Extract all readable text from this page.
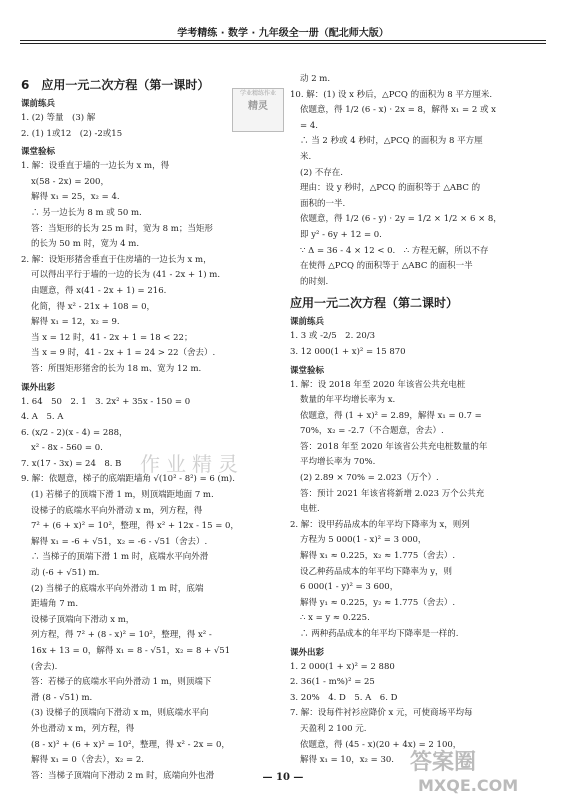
学考精练 · 数学 · 九年级全一册（配北师大版）
6　应用一元二次方程（第一课时）
课前练兵
1. (2) 等量　(3) 解
2. (1) 1或12　(2) -2或15
课堂验标
1. 解：设垂直于墙的一边长为 x m，得
x(58 - 2x) = 200，
解得 x₁ = 25，x₂ = 4.
∴ 另一边长为 8 m 或 50 m.
答：当矩形的长为 25 m 时，宽为 8 m；当矩形
的长为 50 m 时，宽为 4 m.
2. 解：设矩形猪舍垂直于住房墙的一边长为 x m，
可以得出平行于墙的一边的长为 (41 - 2x + 1) m.
由题意，得 x(41 - 2x + 1) = 216.
化简，得 x² - 21x + 108 = 0，
解得 x₁ = 12，x₂ = 9.
当 x = 12 时，41 - 2x + 1 = 18 < 22；
当 x = 9 时，41 - 2x + 1 = 24 > 22（舍去）.
答：所围矩形猪舍的长为 18 m、宽为 12 m.
课外出彩
1. 64　50　2. 1　3. 2x² + 35x - 150 = 0
4. A　5. A
6. (x/2 - 2)(x - 4) = 288，
x² - 8x - 560 = 0.
7. x(17 - 3x) = 24　8. B
9. 解：依题意，梯子的底端距墙角 √(10² - 8²) = 6 (m).
(1) 若梯子的顶端下滑 1 m，则顶端距地面 7 m.
设梯子的底端水平向外滑动 x m，列方程，得
7² + (6 + x)² = 10²，整理，得 x² + 12x - 15 = 0，
解得 x₁ = -6 + √51，x₂ = -6 - √51（舍去）.
∴ 当梯子的顶端下滑 1 m 时，底端水平向外滑
动 (-6 + √51) m.
(2) 当梯子的底端水平向外滑动 1 m 时，底端
距墙角 7 m.
设梯子顶端向下滑动 x m，
列方程，得 7² + (8 - x)² = 10²，整理，得 x² -
16x + 13 = 0，解得 x₁ = 8 - √51，x₂ = 8 + √51
(舍去).
答：若梯子的底端水平向外滑动 1 m，则顶端下
滑 (8 - √51) m.
(3) 设梯子的顶端向下滑动 x m，则底端水平向
外也滑动 x m，列方程，得
(8 - x)² + (6 + x)² = 10²，整理，得 x² - 2x = 0，
解得 x₁ = 0（舍去），x₂ = 2.
答：当梯子顶端向下滑动 2 m 时，底端向外也滑
动 2 m.
10. 解：(1) 设 x 秒后，△PCQ 的面积为 8 平方厘米.
依题意，得 1/2 (6 - x) · 2x = 8，解得 x₁ = 2 或 x
= 4.
∴ 当 2 秒或 4 秒时，△PCQ 的面积为 8 平方厘
米.
(2) 不存在.
理由：设 y 秒时，△PCQ 的面积等于 △ABC 的
面积的一半.
依题意，得 1/2 (6 - y) · 2y = 1/2 × 1/2 × 6 × 8，
即 y² - 6y + 12 = 0.
∵ Δ = 36 - 4 × 12 < 0.　∴ 方程无解，所以不存
在使得 △PCQ 的面积等于 △ABC 的面积一半
的时刻.
应用一元二次方程（第二课时）
课前练兵
1. 3 或 -2/5　2. 20/3
3. 12 000(1 + x)² = 15 870
课堂验标
1. 解：设 2018 年至 2020 年该省公共充电桩
数量的年平均增长率为 x.
依题意，得 (1 + x)² = 2.89，解得 x₁ = 0.7 =
70%，x₂ = -2.7（不合题意，舍去）.
答：2018 年至 2020 年该省公共充电桩数量的年
平均增长率为 70%.
(2) 2.89 × 70% = 2.023（万个）.
答：预计 2021 年该省将新增 2.023 万个公共充
电桩.
2. 解：设甲药品成本的年平均下降率为 x，则列
方程为 5 000(1 - x)² = 3 000，
解得 x₁ ≈ 0.225，x₂ ≈ 1.775（舍去）.
设乙种药品成本的年平均下降率为 y，则
6 000(1 - y)² = 3 600，
解得 y₁ ≈ 0.225，y₂ ≈ 1.775（舍去）.
∴ x = y ≈ 0.225.
∴ 两种药品成本的年平均下降率是一样的.
课外出彩
1. 2 000(1 + x)² = 2 880
2. 36(1 - m%)² = 25
3. 20%　4. D　5. A　6. D
7. 解：设每件衬衫应降价 x 元，可使商场平均每
天盈利 2 100 元.
依题意，得 (45 - x)(20 + 4x) = 2 100，
解得 x₁ = 10，x₂ = 30.
学业精练作业
精灵
作业精灵
答案圈
MXQE.COM
— 10 —
